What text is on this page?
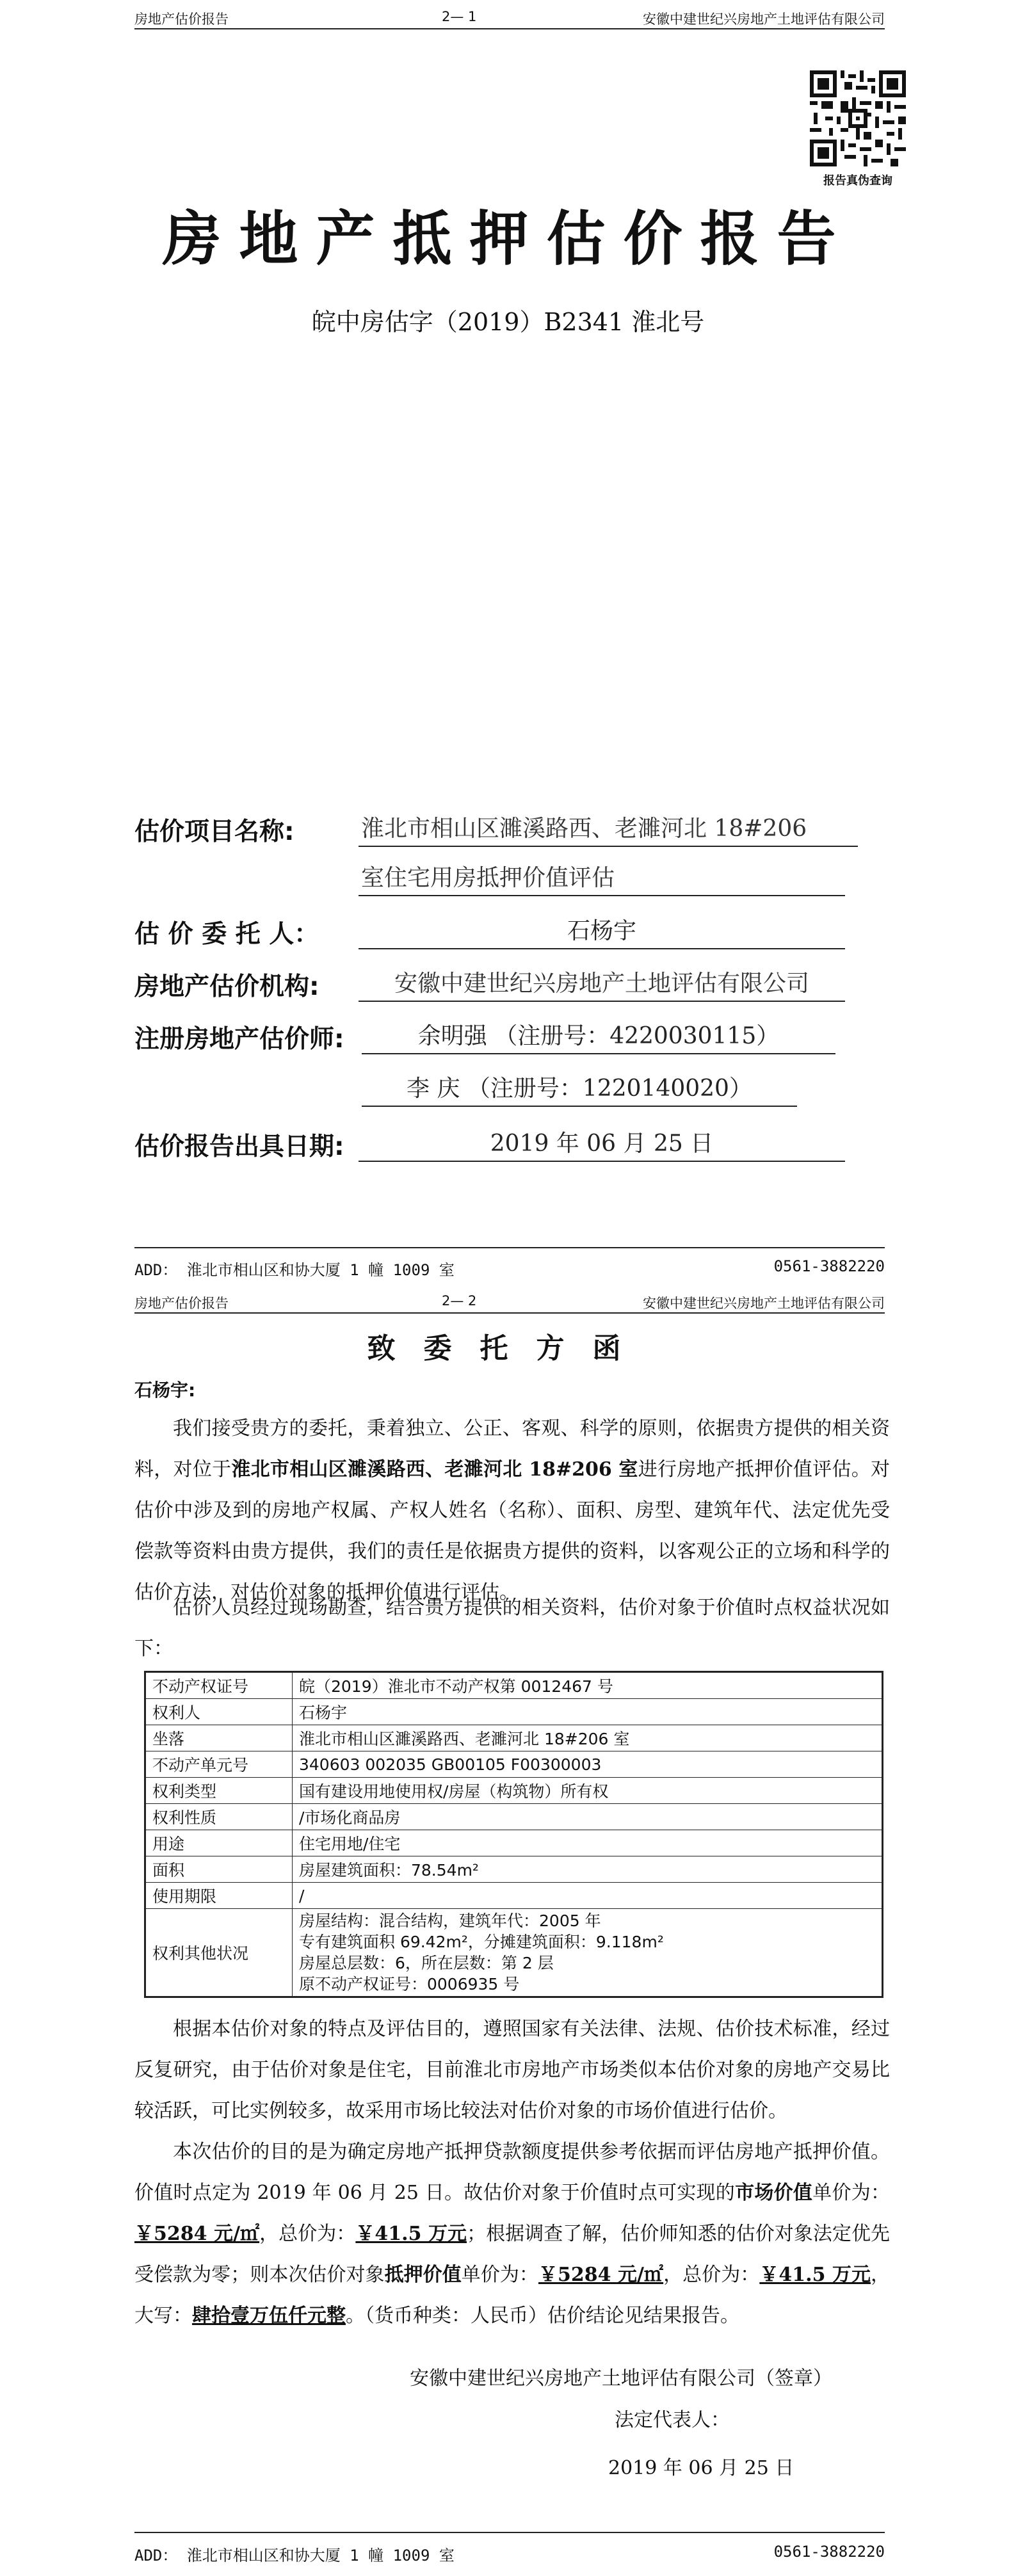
房地产估价报告	2— 1	安徽中建世纪兴房地产土地评估有限公司
报告真伪查询
房地产抵押估价报告
皖中房估字（2019）B2341 淮北号
估价项目名称:	淮北市相山区濉溪路西、老濉河北 18#206
室住宅用房抵押价值评估
估 价 委 托 人：	石杨宇
房地产估价机构:	安徽中建世纪兴房地产土地评估有限公司
注册房地产估价师:	余明强 （注册号：4220030115）
李 庆 （注册号：1220140020）
估价报告出具日期:	2019 年 06 月 25 日
ADD： 淮北市相山区和协大厦 1 幢 1009 室	0561-3882220
房地产估价报告	2— 2	安徽中建世纪兴房地产土地评估有限公司
致委托方函
石杨宇:
我们接受贵方的委托，秉着独立、公正、客观、科学的原则，依据贵方提供的相关资料，对位于淮北市相山区濉溪路西、老濉河北 18#206 室进行房地产抵押价值评估。对估价中涉及到的房地产权属、产权人姓名（名称）、面积、房型、建筑年代、法定优先受偿款等资料由贵方提供，我们的责任是依据贵方提供的资料，以客观公正的立场和科学的估价方法，对估价对象的抵押价值进行评估。
估价人员经过现场勘查，结合贵方提供的相关资料，估价对象于价值时点权益状况如下：
不动产权证号	皖（2019）淮北市不动产权第 0012467 号
权利人	石杨宇
坐落	淮北市相山区濉溪路西、老濉河北 18#206 室
不动产单元号	340603 002035 GB00105 F00300003
权利类型	国有建设用地使用权/房屋（构筑物）所有权
权利性质	/市场化商品房
用途	住宅用地/住宅
面积	房屋建筑面积：78.54m²
使用期限	/
权利其他状况	房屋结构：混合结构，建筑年代：2005 年
专有建筑面积 69.42m²，分摊建筑面积：9.118m²
房屋总层数：6，所在层数：第 2 层
原不动产权证号：0006935 号
根据本估价对象的特点及评估目的，遵照国家有关法律、法规、估价技术标准，经过反复研究，由于估价对象是住宅，目前淮北市房地产市场类似本估价对象的房地产交易比较活跃，可比实例较多，故采用市场比较法对估价对象的市场价值进行估价。
本次估价的目的是为确定房地产抵押贷款额度提供参考依据而评估房地产抵押价值。价值时点定为 2019 年 06 月 25 日。故估价对象于价值时点可实现的市场价值单价为：￥5284 元/㎡，总价为：￥41.5 万元；根据调查了解，估价师知悉的估价对象法定优先受偿款为零；则本次估价对象抵押价值单价为：￥5284 元/㎡，总价为：￥41.5 万元，大写：肆拾壹万伍仟元整。（货币种类：人民币）估价结论见结果报告。
安徽中建世纪兴房地产土地评估有限公司（签章）
法定代表人：
2019 年 06 月 25 日
ADD： 淮北市相山区和协大厦 1 幢 1009 室	0561-3882220
